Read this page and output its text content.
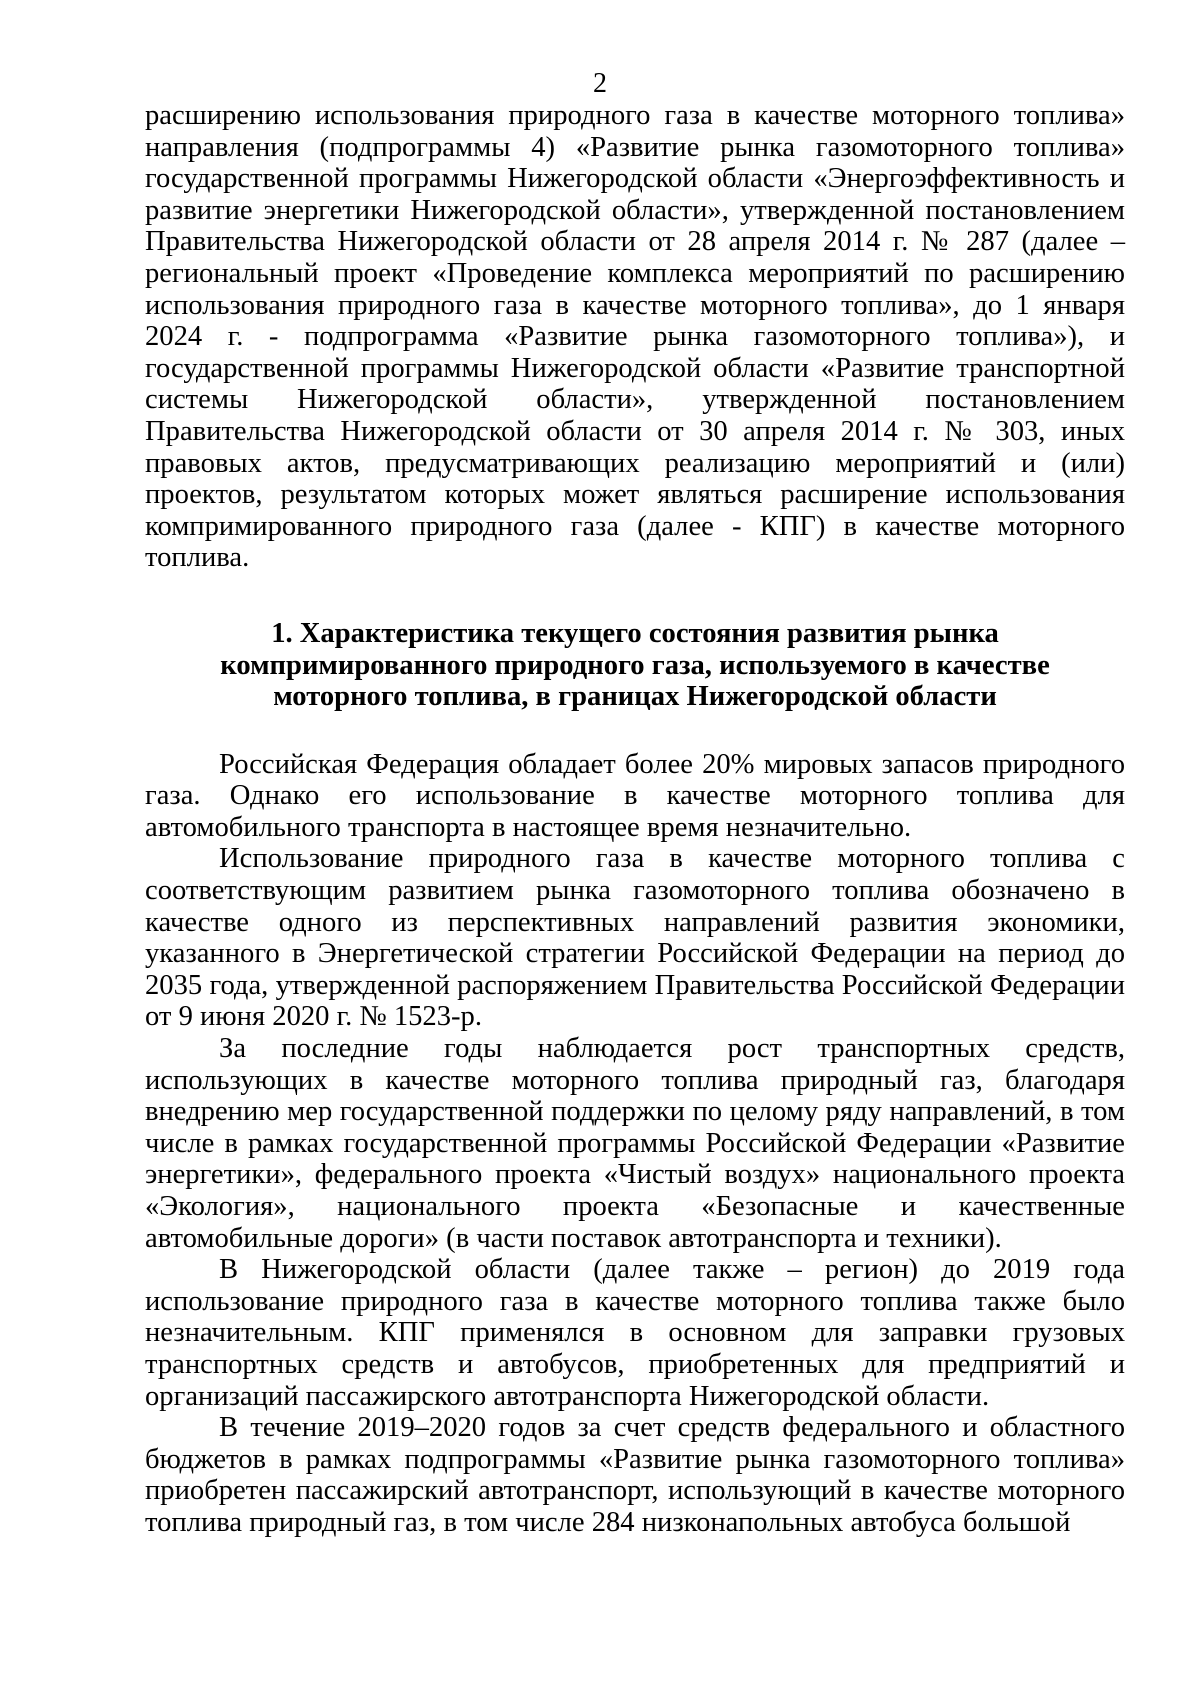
2

расширению использования природного газа в качестве моторного топлива» направления (подпрограммы 4) «Развитие рынка газомоторного топлива» государственной программы Нижегородской области «Энергоэффективность и развитие энергетики Нижегородской области», утвержденной постановлением Правительства Нижегородской области от 28 апреля 2014 г. № 287 (далее – региональный проект «Проведение комплекса мероприятий по расширению использования природного газа в качестве моторного топлива», до 1 января 2024 г. - подпрограмма «Развитие рынка газомоторного топлива»), и государственной программы Нижегородской области «Развитие транспортной системы Нижегородской области», утвержденной постановлением Правительства Нижегородской области от 30 апреля 2014 г. № 303, иных правовых актов, предусматривающих реализацию мероприятий и (или) проектов, результатом которых может являться расширение использования компримированного природного газа (далее - КПГ) в качестве моторного топлива.

1. Характеристика текущего состояния развития рынка
компримированного природного газа, используемого в качестве
моторного топлива, в границах Нижегородской области

Российская Федерация обладает более 20% мировых запасов природного газа. Однако его использование в качестве моторного топлива для автомобильного транспорта в настоящее время незначительно.

Использование природного газа в качестве моторного топлива с соответствующим развитием рынка газомоторного топлива обозначено в качестве одного из перспективных направлений развития экономики, указанного в Энергетической стратегии Российской Федерации на период до 2035 года, утвержденной распоряжением Правительства Российской Федерации от 9 июня 2020 г. № 1523-р.

За последние годы наблюдается рост транспортных средств, использующих в качестве моторного топлива природный газ, благодаря внедрению мер государственной поддержки по целому ряду направлений, в том числе в рамках государственной программы Российской Федерации «Развитие энергетики», федерального проекта «Чистый воздух» национального проекта «Экология», национального проекта «Безопасные и качественные автомобильные дороги» (в части поставок автотранспорта и техники).

В Нижегородской области (далее также – регион) до 2019 года использование природного газа в качестве моторного топлива также было незначительным. КПГ применялся в основном для заправки грузовых транспортных средств и автобусов, приобретенных для предприятий и организаций пассажирского автотранспорта Нижегородской области.

В течение 2019–2020 годов за счет средств федерального и областного бюджетов в рамках подпрограммы «Развитие рынка газомоторного топлива» приобретен пассажирский автотранспорт, использующий в качестве моторного топлива природный газ, в том числе 284 низконапольных автобуса большой
